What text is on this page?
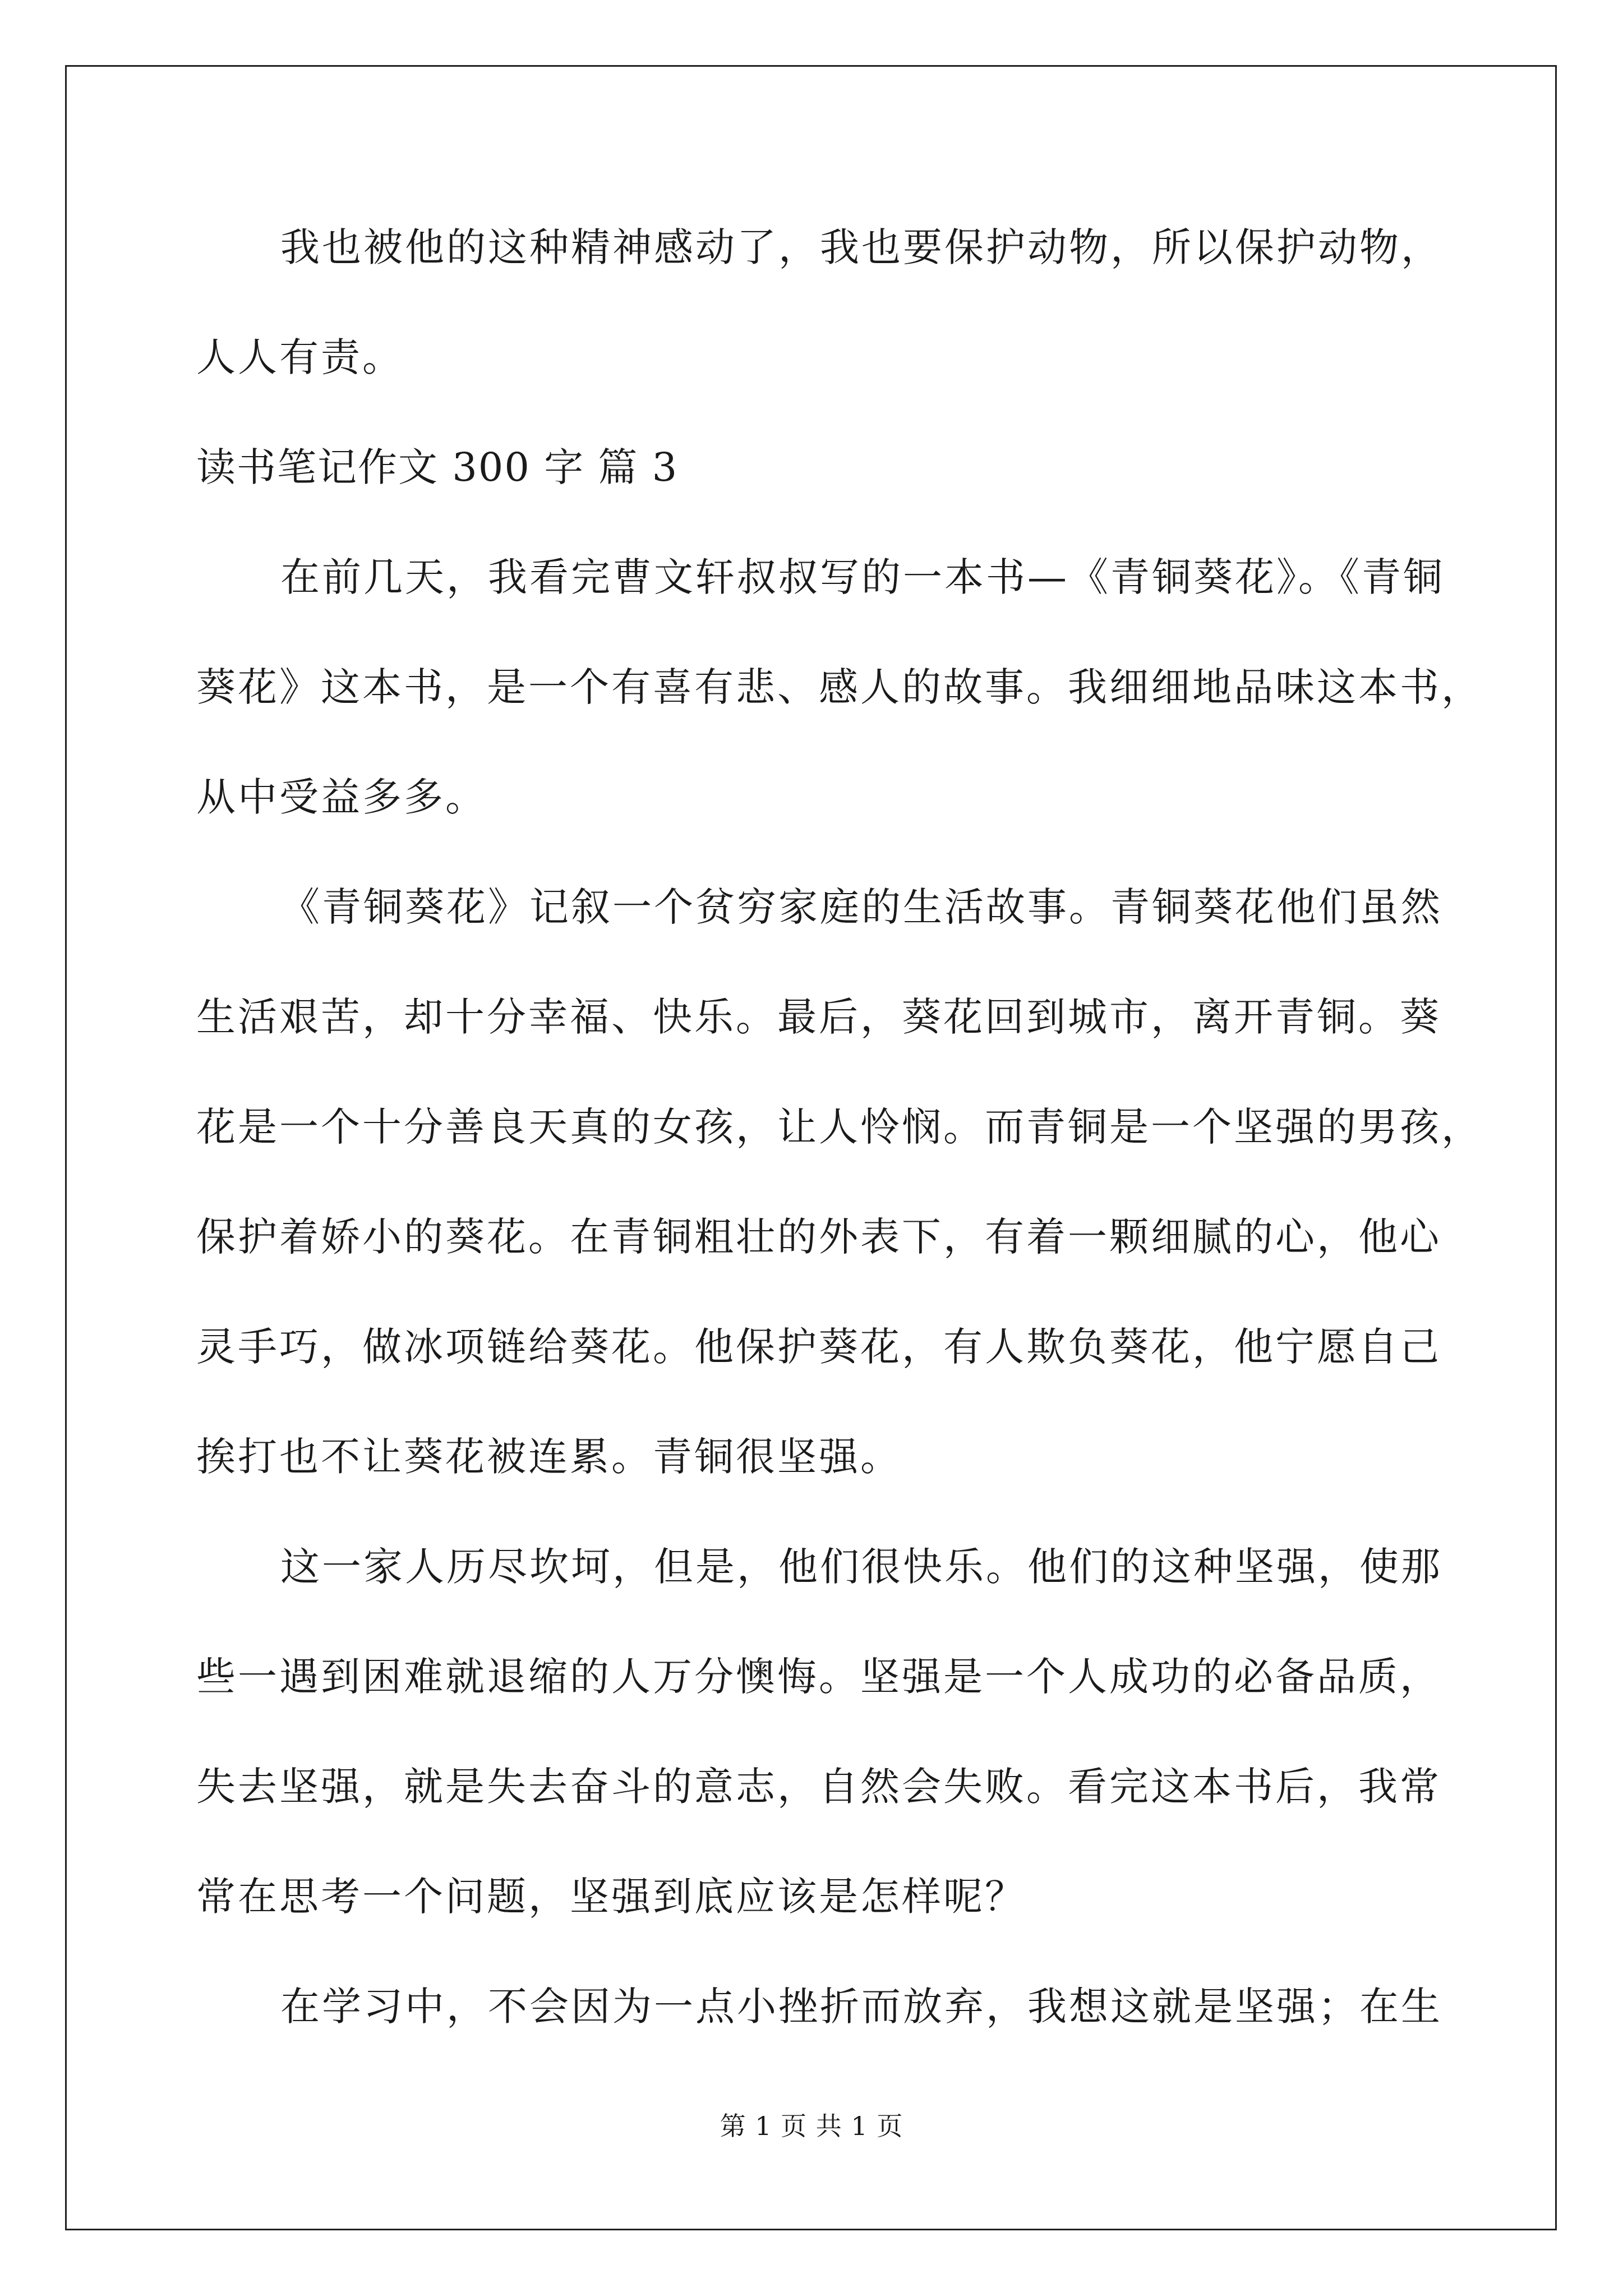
我也被他的这种精神感动了，我也要保护动物，所以保护动物，
人人有责。
读书笔记作文 300 字 篇 3
在前几天，我看完曹文轩叔叔写的一本书—《青铜葵花》。《青铜
葵花》这本书，是一个有喜有悲、感人的故事。我细细地品味这本书，
从中受益多多。
《青铜葵花》记叙一个贫穷家庭的生活故事。青铜葵花他们虽然
生活艰苦，却十分幸福、快乐。最后，葵花回到城市，离开青铜。葵
花是一个十分善良天真的女孩，让人怜悯。而青铜是一个坚强的男孩，
保护着娇小的葵花。在青铜粗壮的外表下，有着一颗细腻的心，他心
灵手巧，做冰项链给葵花。他保护葵花，有人欺负葵花，他宁愿自己
挨打也不让葵花被连累。青铜很坚强。
这一家人历尽坎坷，但是，他们很快乐。他们的这种坚强，使那
些一遇到困难就退缩的人万分懊悔。坚强是一个人成功的必备品质，
失去坚强，就是失去奋斗的意志，自然会失败。看完这本书后，我常
常在思考一个问题，坚强到底应该是怎样呢？
在学习中，不会因为一点小挫折而放弃，我想这就是坚强；在生
第 1 页 共 1 页
